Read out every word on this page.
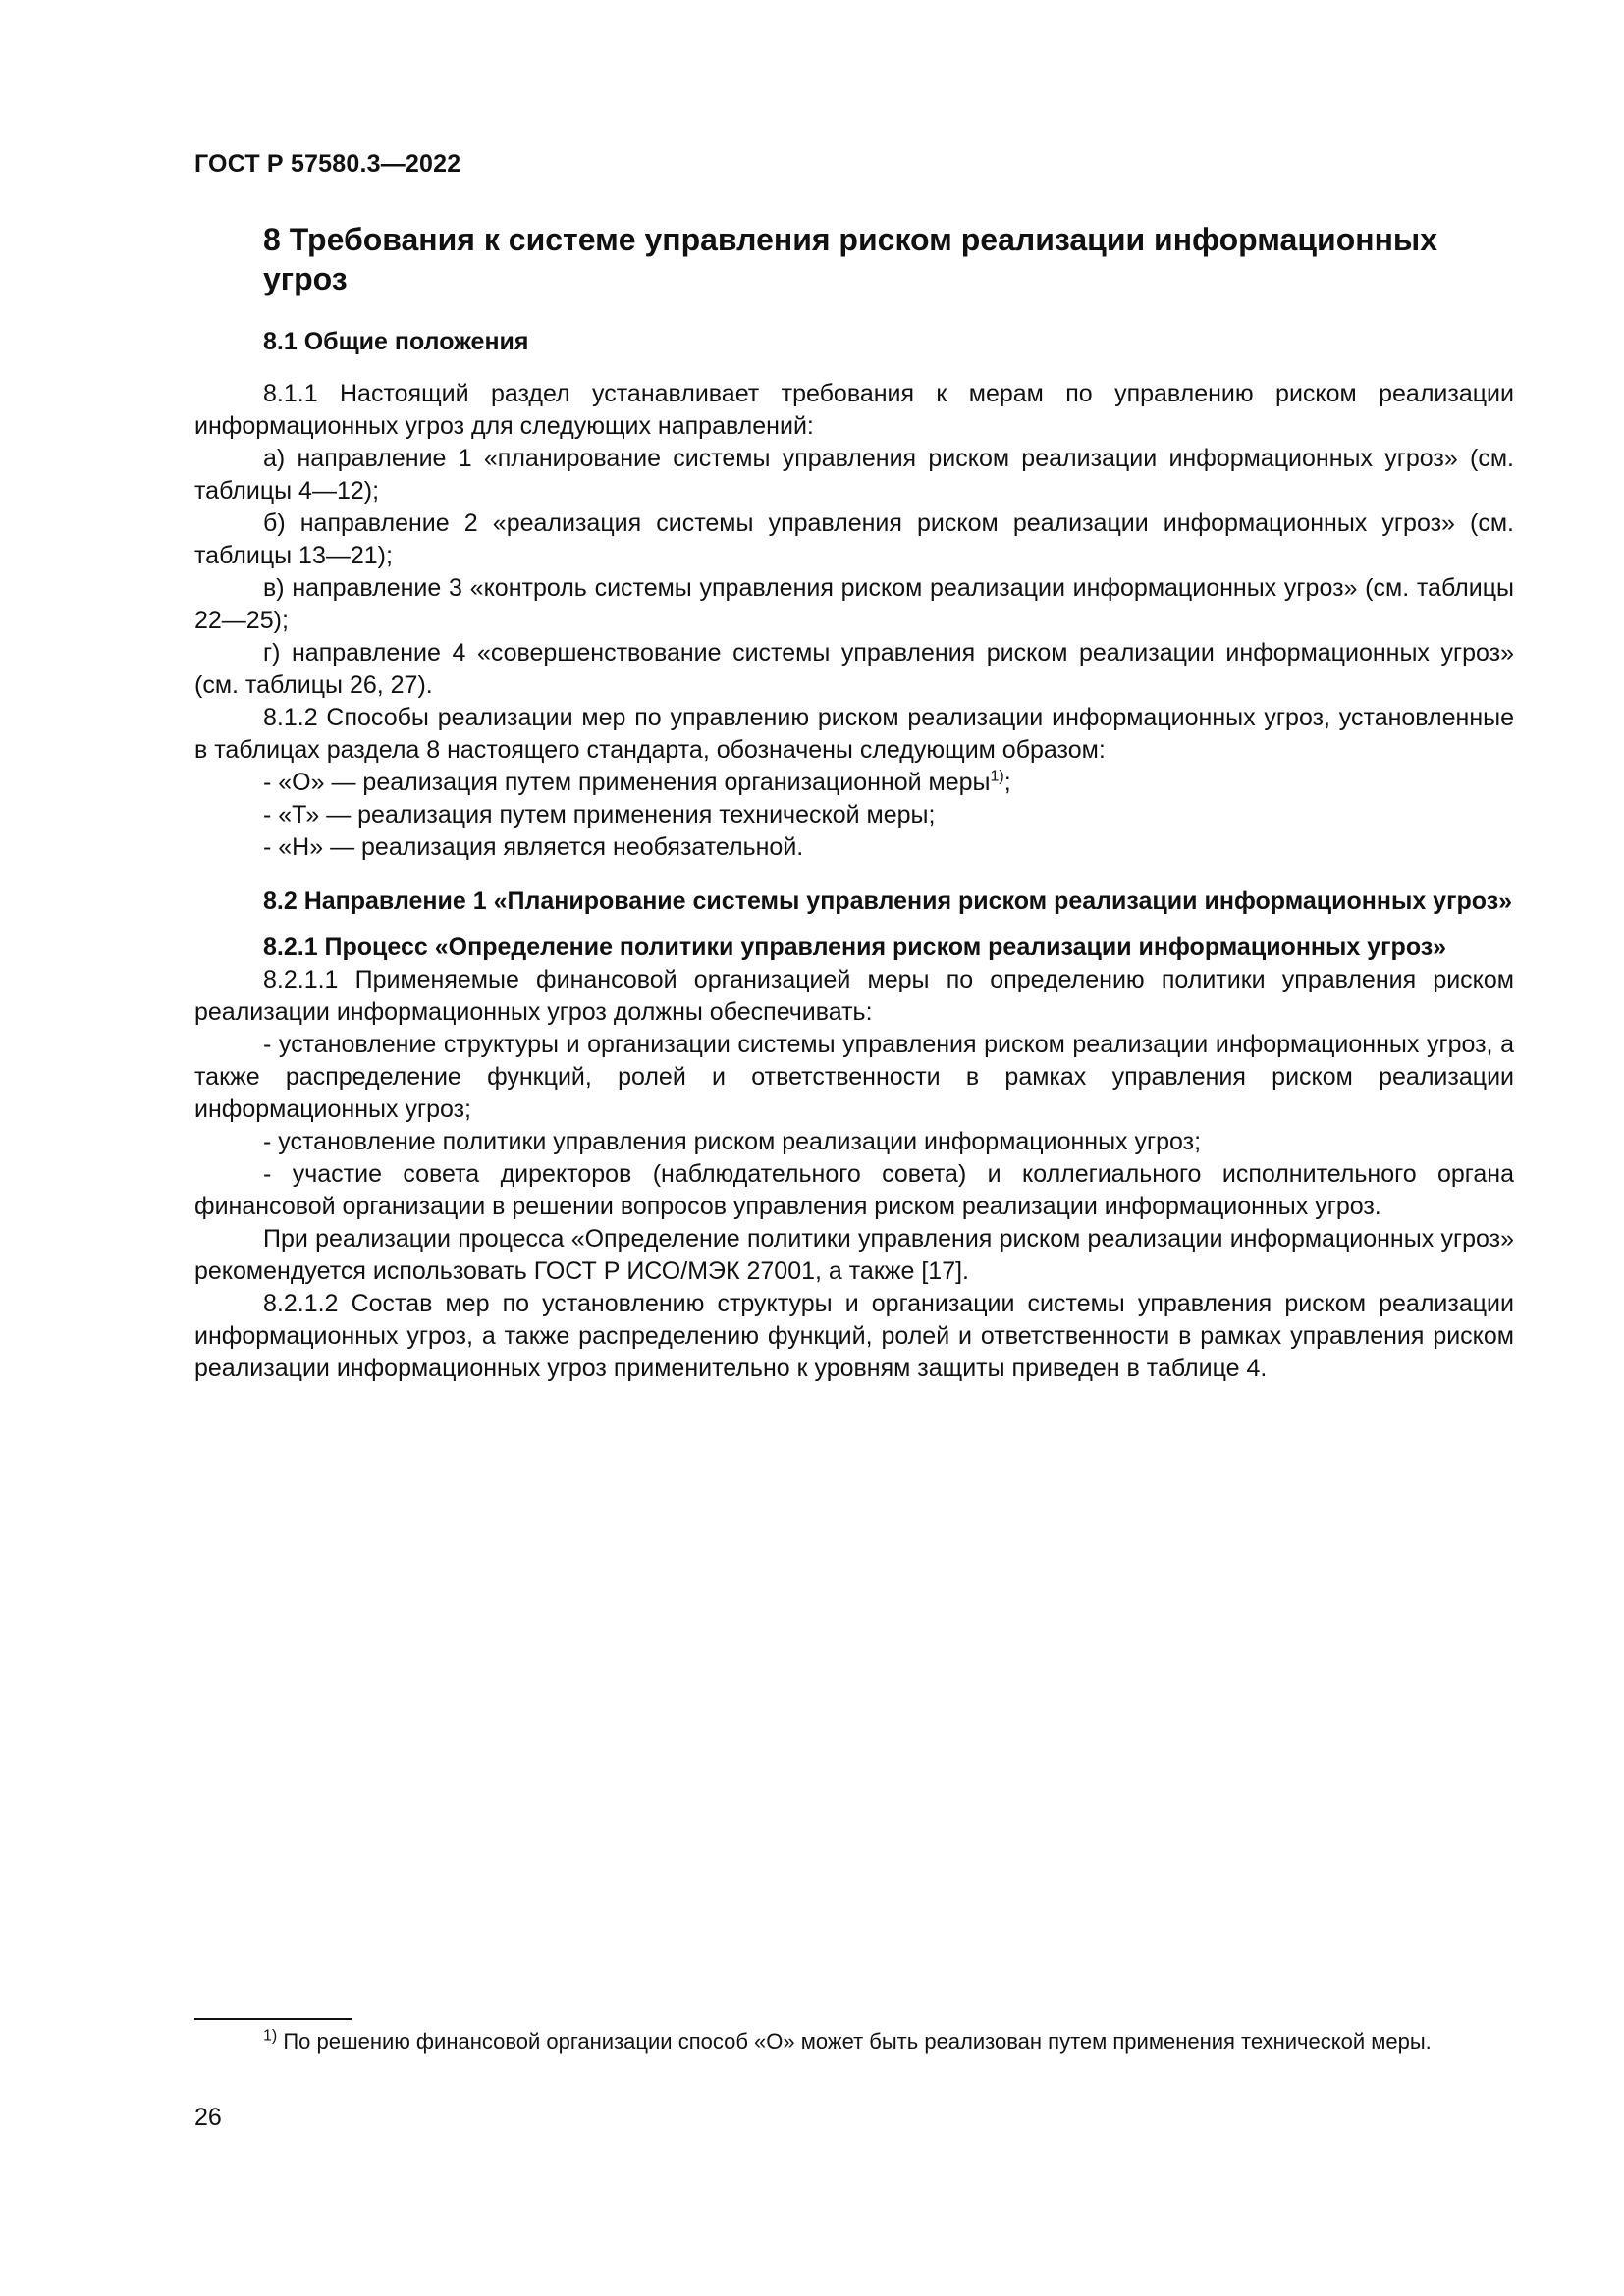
ГОСТ Р 57580.3—2022
8 Требования к системе управления риском реализации информационных угроз
8.1 Общие положения

8.1.1 Настоящий раздел устанавливает требования к мерам по управлению риском реализации информационных угроз для следующих направлений:

а) направление 1 «планирование системы управления риском реализации информационных угроз» (см. таблицы 4—12);

б) направление 2 «реализация системы управления риском реализации информационных угроз» (см. таблицы 13—21);

в) направление 3 «контроль системы управления риском реализации информационных угроз» (см. таблицы 22—25);

г) направление 4 «совершенствование системы управления риском реализации информационных угроз» (см. таблицы 26, 27).

8.1.2 Способы реализации мер по управлению риском реализации информационных угроз, установленные в таблицах раздела 8 настоящего стандарта, обозначены следующим образом:

- «О» — реализация путем применения организационной меры$^{1)}$;

- «Т» — реализация путем применения технической меры;

- «Н» — реализация является необязательной.

8.2 Направление 1 «Планирование системы управления риском реализации информационных угроз»

8.2.1 Процесс «Определение политики управления риском реализации информационных угроз»

8.2.1.1 Применяемые финансовой организацией меры по определению политики управления риском реализации информационных угроз должны обеспечивать:

- установление структуры и организации системы управления риском реализации информационных угроз, а также распределение функций, ролей и ответственности в рамках управления риском реализации информационных угроз;

- установление политики управления риском реализации информационных угроз;

- участие совета директоров (наблюдательного совета) и коллегиального исполнительного органа финансовой организации в решении вопросов управления риском реализации информационных угроз.

При реализации процесса «Определение политики управления риском реализации информационных угроз» рекомендуется использовать ГОСТ Р ИСО/МЭК 27001, а также [17].

8.2.1.2 Состав мер по установлению структуры и организации системы управления риском реализации информационных угроз, а также распределению функций, ролей и ответственности в рамках управления риском реализации информационных угроз применительно к уровням защиты приведен в таблице 4.

$^{1)}$ По решению финансовой организации способ «О» может быть реализован путем применения технической меры.
26
